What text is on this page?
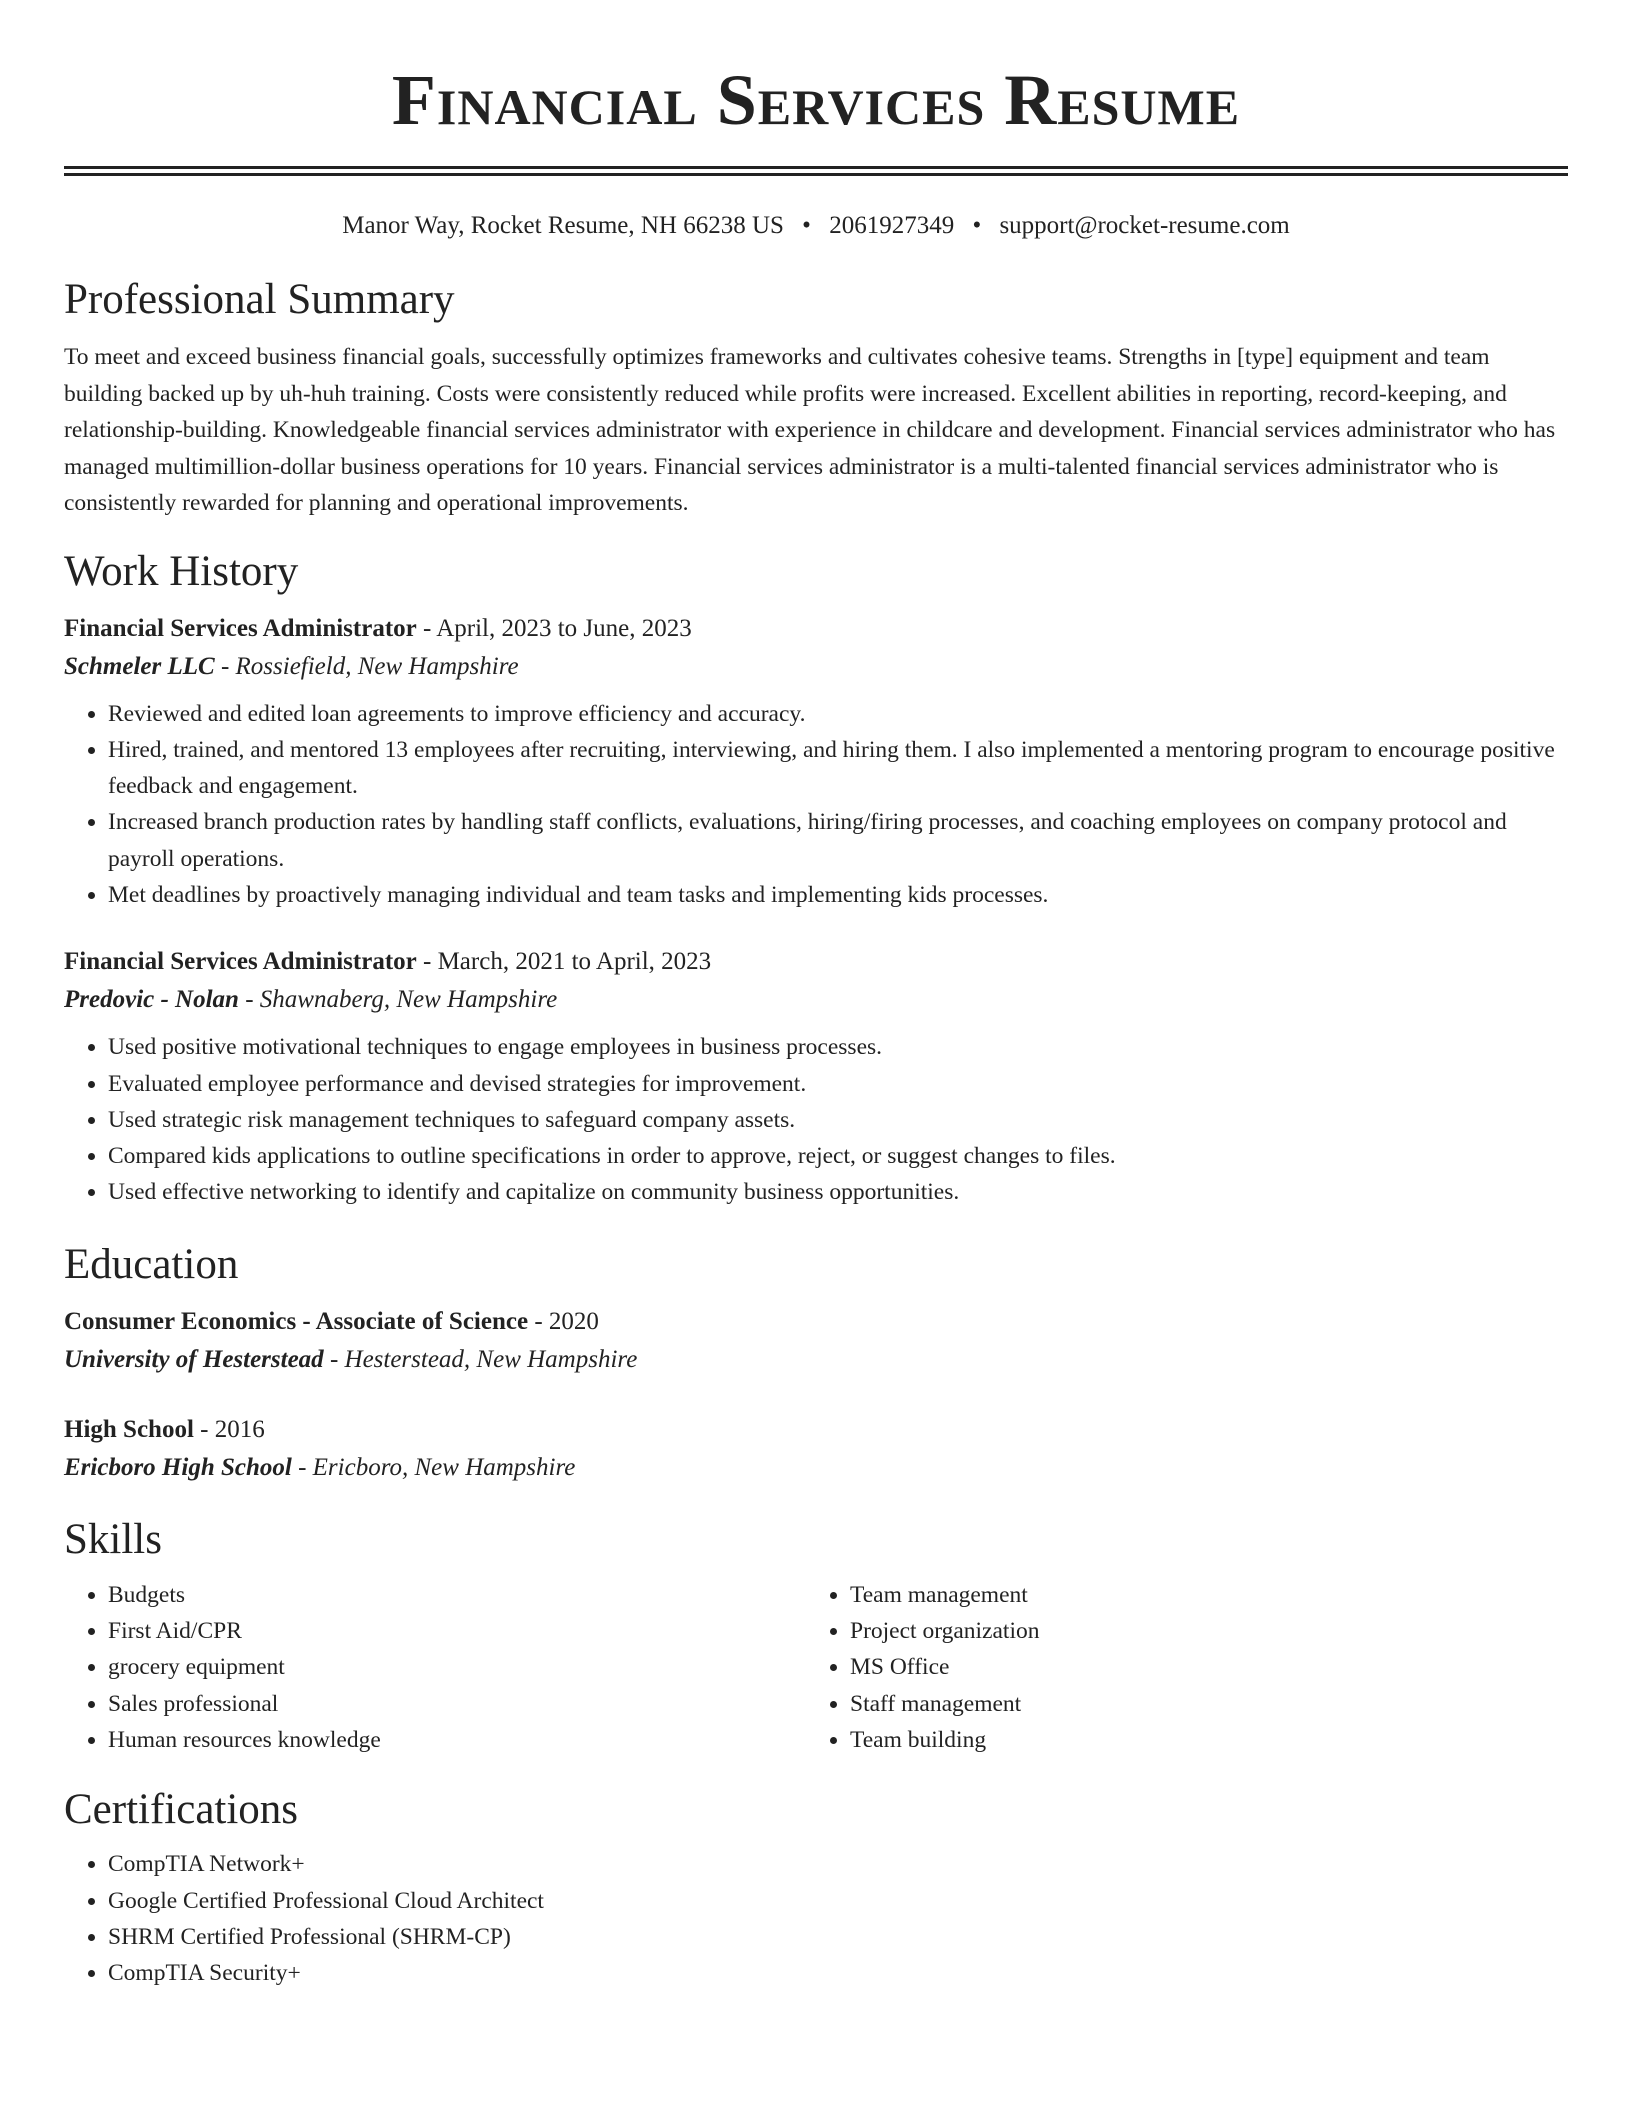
Financial Services Resume
Manor Way, Rocket Resume, NH 66238 US • 2061927349 • support@rocket-resume.com
Professional Summary

To meet and exceed business financial goals, successfully optimizes frameworks and cultivates cohesive teams. Strengths in [type] equipment and team building backed up by uh-huh training. Costs were consistently reduced while profits were increased. Excellent abilities in reporting, record-keeping, and relationship-building. Knowledgeable financial services administrator with experience in childcare and development. Financial services administrator who has managed multimillion-dollar business operations for 10 years. Financial services administrator is a multi-talented financial services administrator who is consistently rewarded for planning and operational improvements.

Work History
Financial Services Administrator - April, 2023 to June, 2023
Schmeler LLC - Rossiefield, New Hampshire
• Reviewed and edited loan agreements to improve efficiency and accuracy.
• Hired, trained, and mentored 13 employees after recruiting, interviewing, and hiring them. I also implemented a mentoring program to encourage positive feedback and engagement.
• Increased branch production rates by handling staff conflicts, evaluations, hiring/firing processes, and coaching employees on company protocol and payroll operations.
• Met deadlines by proactively managing individual and team tasks and implementing kids processes.
Financial Services Administrator - March, 2021 to April, 2023
Predovic - Nolan - Shawnaberg, New Hampshire
• Used positive motivational techniques to engage employees in business processes.
• Evaluated employee performance and devised strategies for improvement.
• Used strategic risk management techniques to safeguard company assets.
• Compared kids applications to outline specifications in order to approve, reject, or suggest changes to files.
• Used effective networking to identify and capitalize on community business opportunities.
Education
Consumer Economics - Associate of Science - 2020
University of Hesterstead - Hesterstead, New Hampshire
High School - 2016
Ericboro High School - Ericboro, New Hampshire
Skills
• Budgets
• First Aid/CPR
• grocery equipment
• Sales professional
• Human resources knowledge
• Team management
• Project organization
• MS Office
• Staff management
• Team building
Certifications
• CompTIA Network+
• Google Certified Professional Cloud Architect
• SHRM Certified Professional (SHRM-CP)
• CompTIA Security+
